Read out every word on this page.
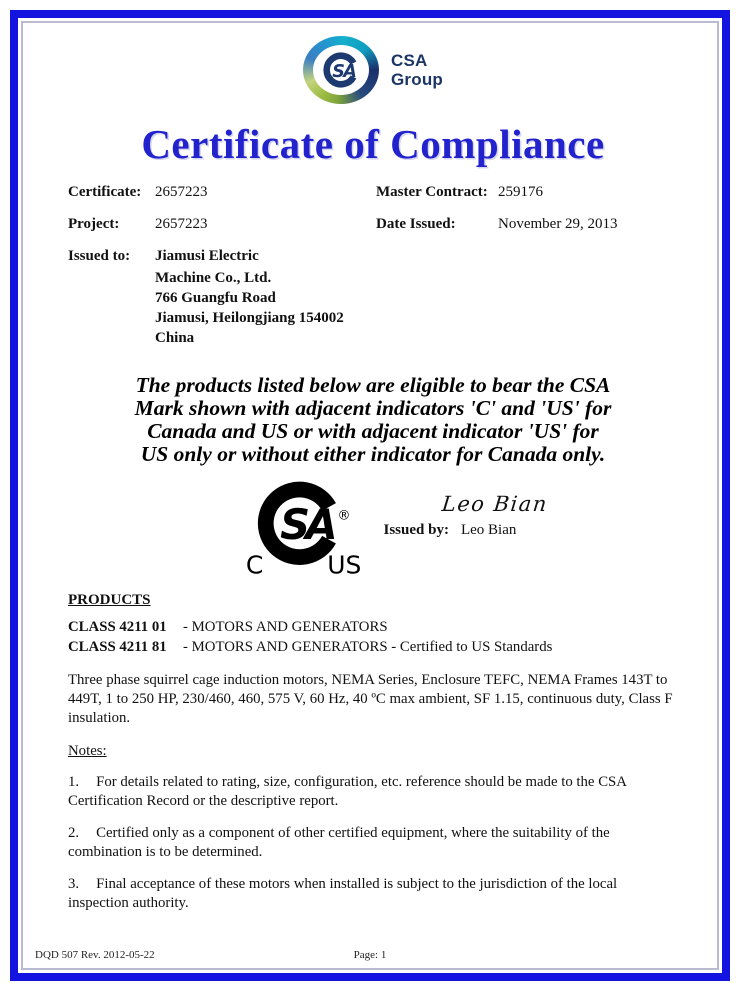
SA
CSA
Group
Certificate of Compliance
Certificate: 2657223	Master Contract: 259176
Project:	2657223	Date Issued:	November 29, 2013
Issued to:	Jiamusi Electric
Machine Co., Ltd.
766 Guangfu Road
Jiamusi, Heilongjiang 154002
China
The products listed below are eligible to bear the CSA
Mark shown with adjacent indicators 'C' and 'US' for
Canada and US or with adjacent indicator 'US' for
US only or without either indicator for Canada only.
SA ®
C US
Leo Bian
Issued by: Leo Bian
PRODUCTS
CLASS 4211 01	- MOTORS AND GENERATORS
CLASS 4211 81	- MOTORS AND GENERATORS - Certified to US Standards
Three phase squirrel cage induction motors, NEMA Series, Enclosure TEFC, NEMA Frames 143T to 449T, 1 to 250 HP, 230/460, 460, 575 V, 60 Hz, 40 ºC max ambient, SF 1.15, continuous duty, Class F insulation.
Notes:

1. For details related to rating, size, configuration, etc. reference should be made to the CSA Certification Record or the descriptive report.

2. Certified only as a component of other certified equipment, where the suitability of the combination is to be determined.

3. Final acceptance of these motors when installed is subject to the jurisdiction of the local inspection authority.

DQD 507 Rev. 2012-05-22	Page: 1
